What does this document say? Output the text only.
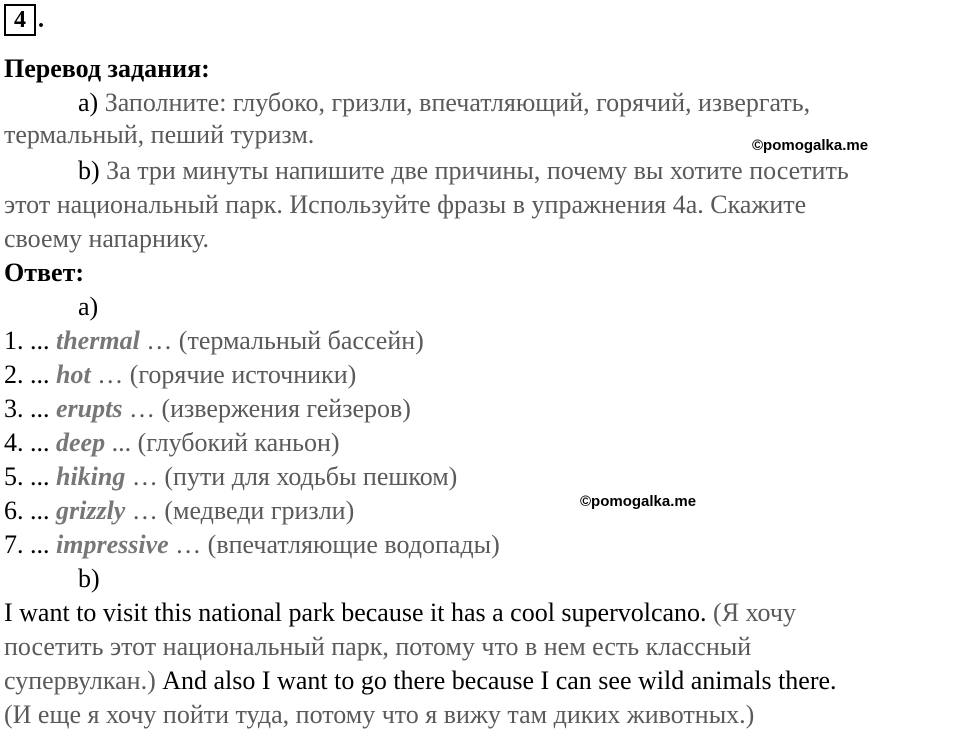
4 .
Перевод задания:
a) Заполните: глубоко, гризли, впечатляющий, горячий, извергать,
термальный, пеший туризм.	©pomogalka.me
b) За три минуты напишите две причины, почему вы хотите посетить
этот национальный парк. Используйте фразы в упражнения 4а. Скажите
своему напарнику.
Ответ:
a)
1. ... thermal … (термальный бассейн)
2. ... hot … (горячие источники)
3. ... erupts … (извержения гейзеров)
4. ... deep ... (глубокий каньон)
5. ... hiking … (пути для ходьбы пешком)
©pomogalka.me
6. ... grizzly … (медведи гризли)
7. ... impressive … (впечатляющие водопады)
b)
I want to visit this national park because it has a cool supervolcano. (Я хочу
посетить этот национальный парк, потому что в нем есть классный
супервулкан.) And also I want to go there because I can see wild animals there.
(И еще я хочу пойти туда, потому что я вижу там диких животных.)
